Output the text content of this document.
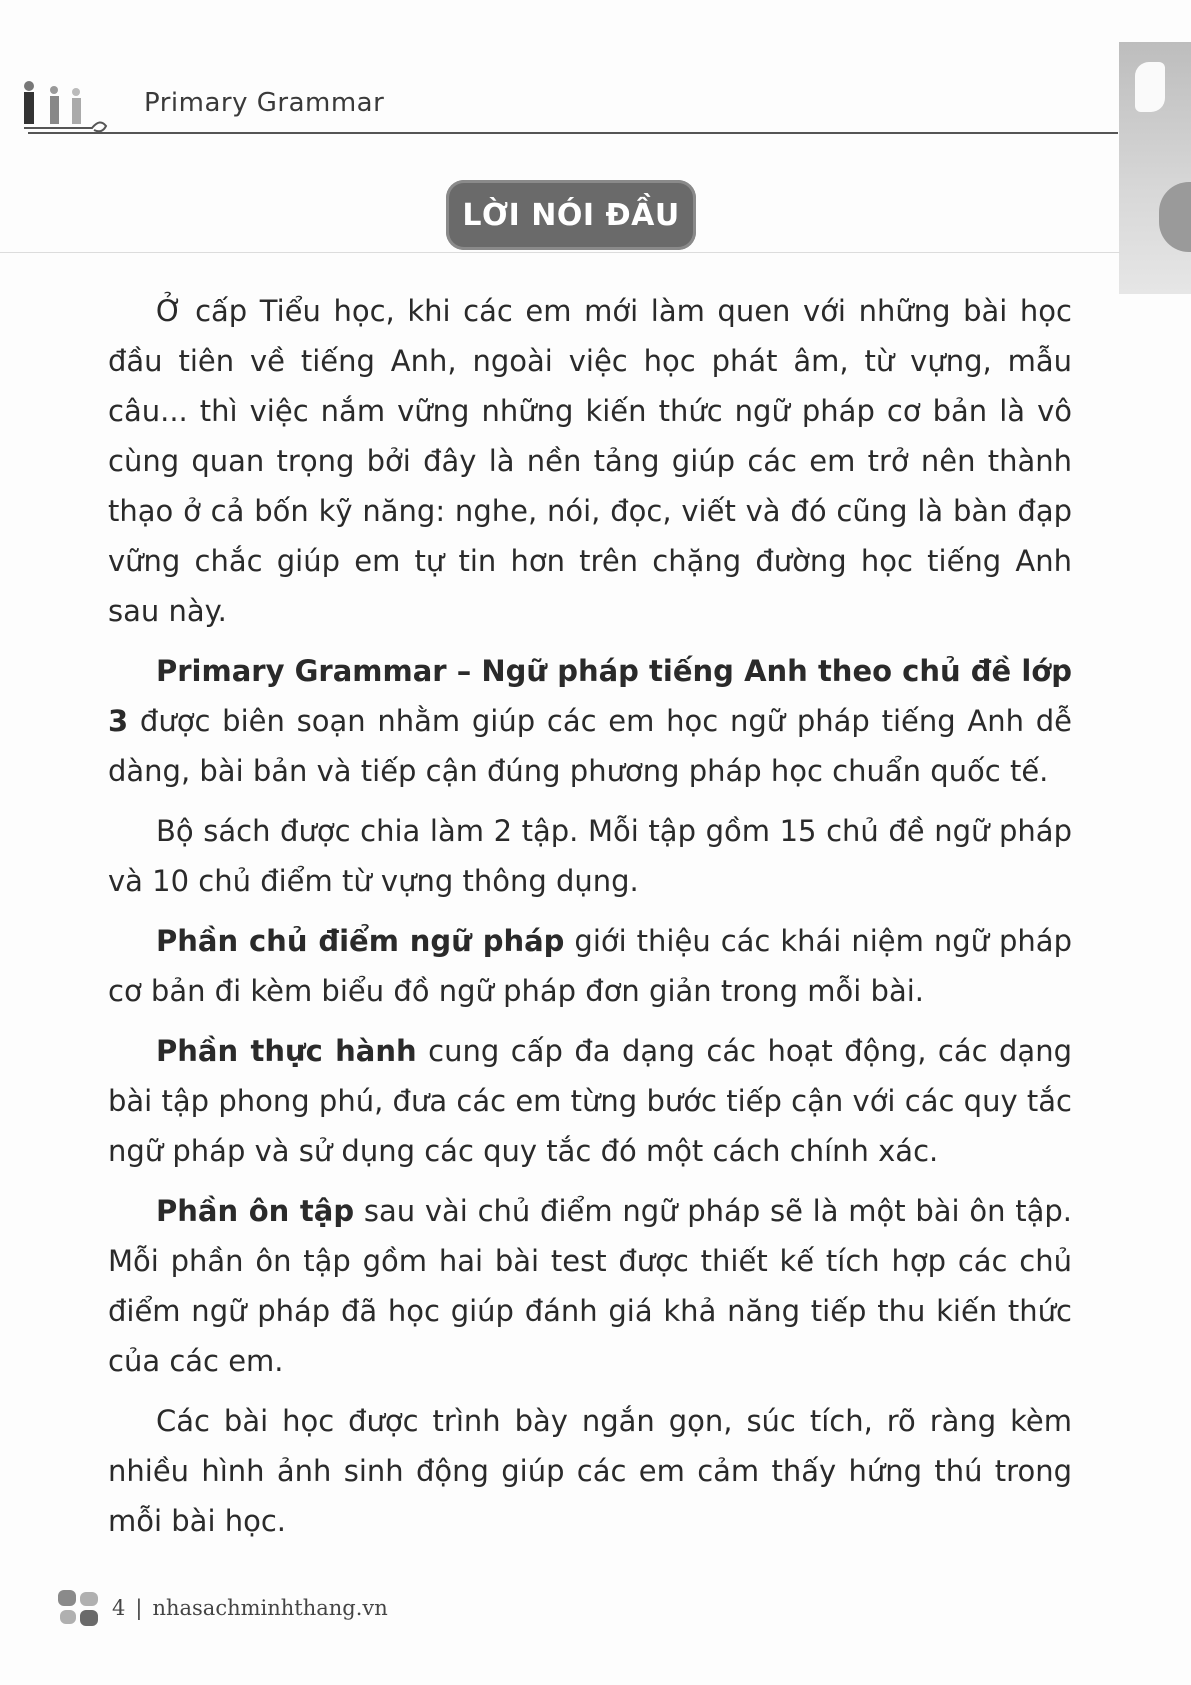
Primary Grammar
LỜI NÓI ĐẦU

Ở cấp Tiểu học, khi các em mới làm quen với những bài học đầu tiên về tiếng Anh, ngoài việc học phát âm, từ vựng, mẫu câu... thì việc nắm vững những kiến thức ngữ pháp cơ bản là vô cùng quan trọng bởi đây là nền tảng giúp các em trở nên thành thạo ở cả bốn kỹ năng: nghe, nói, đọc, viết và đó cũng là bàn đạp vững chắc giúp em tự tin hơn trên chặng đường học tiếng Anh sau này.

Primary Grammar – Ngữ pháp tiếng Anh theo chủ đề lớp 3 được biên soạn nhằm giúp các em học ngữ pháp tiếng Anh dễ dàng, bài bản và tiếp cận đúng phương pháp học chuẩn quốc tế.

Bộ sách được chia làm 2 tập. Mỗi tập gồm 15 chủ đề ngữ pháp và 10 chủ điểm từ vựng thông dụng.

Phần chủ điểm ngữ pháp giới thiệu các khái niệm ngữ pháp cơ bản đi kèm biểu đồ ngữ pháp đơn giản trong mỗi bài.

Phần thực hành cung cấp đa dạng các hoạt động, các dạng bài tập phong phú, đưa các em từng bước tiếp cận với các quy tắc ngữ pháp và sử dụng các quy tắc đó một cách chính xác.

Phần ôn tập sau vài chủ điểm ngữ pháp sẽ là một bài ôn tập. Mỗi phần ôn tập gồm hai bài test được thiết kế tích hợp các chủ điểm ngữ pháp đã học giúp đánh giá khả năng tiếp thu kiến thức của các em.

Các bài học được trình bày ngắn gọn, súc tích, rõ ràng kèm nhiều hình ảnh sinh động giúp các em cảm thấy hứng thú trong mỗi bài học.

4 | nhasachminhthang.vn
